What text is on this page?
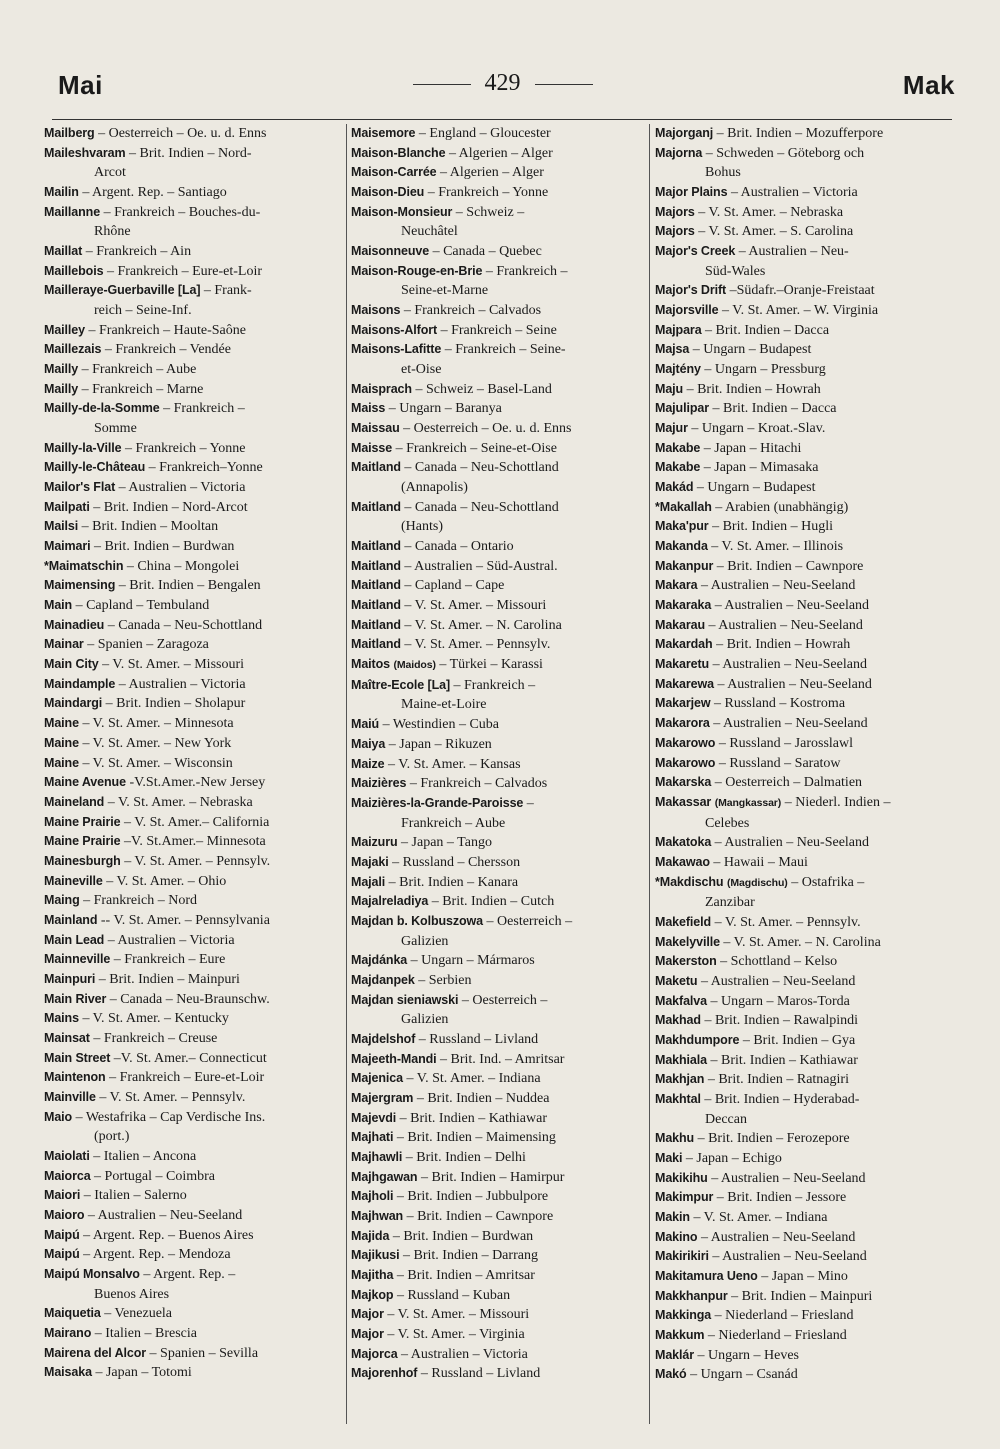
Mai	429	Mak
Mailberg – Oesterreich – Oe. u. d. Enns
Maileshvaram – Brit. Indien – Nord-
Arcot
Mailin – Argent. Rep. – Santiago
Maillanne – Frankreich – Bouches-du-
Rhône
Maillat – Frankreich – Ain
Maillebois – Frankreich – Eure-et-Loir
Mailleraye-Guerbaville [La] – Frank-
reich – Seine-Inf.
Mailley – Frankreich – Haute-Saône
Maillezais – Frankreich – Vendée
Mailly – Frankreich – Aube
Mailly – Frankreich – Marne
Mailly-de-la-Somme – Frankreich –
Somme
Mailly-la-Ville – Frankreich – Yonne
Mailly-le-Château – Frankreich–Yonne
Mailor's Flat – Australien – Victoria
Mailpati – Brit. Indien – Nord-Arcot
Mailsi – Brit. Indien – Mooltan
Maimari – Brit. Indien – Burdwan
*Maimatschin – China – Mongolei
Maimensing – Brit. Indien – Bengalen
Main – Capland – Tembuland
Mainadieu – Canada – Neu-Schottland
Mainar – Spanien – Zaragoza
Main City – V. St. Amer. – Missouri
Maindample – Australien – Victoria
Maindargi – Brit. Indien – Sholapur
Maine – V. St. Amer. – Minnesota
Maine – V. St. Amer. – New York
Maine – V. St. Amer. – Wisconsin
Maine Avenue -V.St.Amer.-New Jersey
Maineland – V. St. Amer. – Nebraska
Maine Prairie – V. St. Amer.– California
Maine Prairie –V. St.Amer.– Minnesota
Mainesburgh – V. St. Amer. – Pennsylv.
Maineville – V. St. Amer. – Ohio
Maing – Frankreich – Nord
Mainland -- V. St. Amer. – Pennsylvania
Main Lead – Australien – Victoria
Mainneville – Frankreich – Eure
Mainpuri – Brit. Indien – Mainpuri
Main River – Canada – Neu-Braunschw.
Mains – V. St. Amer. – Kentucky
Mainsat – Frankreich – Creuse
Main Street –V. St. Amer.– Connecticut
Maintenon – Frankreich – Eure-et-Loir
Mainville – V. St. Amer. – Pennsylv.
Maio – Westafrika – Cap Verdische Ins.
(port.)
Maiolati – Italien – Ancona
Maiorca – Portugal – Coimbra
Maiori – Italien – Salerno
Maioro – Australien – Neu-Seeland
Maipú – Argent. Rep. – Buenos Aires
Maipú – Argent. Rep. – Mendoza
Maipú Monsalvo – Argent. Rep. –
Buenos Aires
Maiquetia – Venezuela
Mairano – Italien – Brescia
Mairena del Alcor – Spanien – Sevilla
Maisaka – Japan – Totomi
Maisemore – England – Gloucester
Maison-Blanche – Algerien – Alger
Maison-Carrée – Algerien – Alger
Maison-Dieu – Frankreich – Yonne
Maison-Monsieur – Schweiz –
Neuchâtel
Maisonneuve – Canada – Quebec
Maison-Rouge-en-Brie – Frankreich –
Seine-et-Marne
Maisons – Frankreich – Calvados
Maisons-Alfort – Frankreich – Seine
Maisons-Lafitte – Frankreich – Seine-
et-Oise
Maisprach – Schweiz – Basel-Land
Maiss – Ungarn – Baranya
Maissau – Oesterreich – Oe. u. d. Enns
Maisse – Frankreich – Seine-et-Oise
Maitland – Canada – Neu-Schottland
(Annapolis)
Maitland – Canada – Neu-Schottland
(Hants)
Maitland – Canada – Ontario
Maitland – Australien – Süd-Austral.
Maitland – Capland – Cape
Maitland – V. St. Amer. – Missouri
Maitland – V. St. Amer. – N. Carolina
Maitland – V. St. Amer. – Pennsylv.
Maitos (Maidos) – Türkei – Karassi
Maître-Ecole [La] – Frankreich –
Maine-et-Loire
Maiú – Westindien – Cuba
Maiya – Japan – Rikuzen
Maize – V. St. Amer. – Kansas
Maizières – Frankreich – Calvados
Maizières-la-Grande-Paroisse –
Frankreich – Aube
Maizuru – Japan – Tango
Majaki – Russland – Chersson
Majali – Brit. Indien – Kanara
Majalreladiya – Brit. Indien – Cutch
Majdan b. Kolbuszowa – Oesterreich –
Galizien
Majdánka – Ungarn – Mármaros
Majdanpek – Serbien
Majdan sieniawski – Oesterreich –
Galizien
Majdelshof – Russland – Livland
Majeeth-Mandi – Brit. Ind. – Amritsar
Majenica – V. St. Amer. – Indiana
Majergram – Brit. Indien – Nuddea
Majevdi – Brit. Indien – Kathiawar
Majhati – Brit. Indien – Maimensing
Majhawli – Brit. Indien – Delhi
Majhgawan – Brit. Indien – Hamirpur
Majholi – Brit. Indien – Jubbulpore
Majhwan – Brit. Indien – Cawnpore
Majida – Brit. Indien – Burdwan
Majikusi – Brit. Indien – Darrang
Majitha – Brit. Indien – Amritsar
Majkop – Russland – Kuban
Major – V. St. Amer. – Missouri
Major – V. St. Amer. – Virginia
Majorca – Australien – Victoria
Majorenhof – Russland – Livland
Majorganj – Brit. Indien – Mozufferpore
Majorna – Schweden – Göteborg och
Bohus
Major Plains – Australien – Victoria
Majors – V. St. Amer. – Nebraska
Majors – V. St. Amer. – S. Carolina
Major's Creek – Australien – Neu-
Süd-Wales
Major's Drift –Südafr.–Oranje-Freistaat
Majorsville – V. St. Amer. – W. Virginia
Majpara – Brit. Indien – Dacca
Majsa – Ungarn – Budapest
Majtény – Ungarn – Pressburg
Maju – Brit. Indien – Howrah
Majulipar – Brit. Indien – Dacca
Majur – Ungarn – Kroat.-Slav.
Makabe – Japan – Hitachi
Makabe – Japan – Mimasaka
Makád – Ungarn – Budapest
*Makallah – Arabien (unabhängig)
Maka'pur – Brit. Indien – Hugli
Makanda – V. St. Amer. – Illinois
Makanpur – Brit. Indien – Cawnpore
Makara – Australien – Neu-Seeland
Makaraka – Australien – Neu-Seeland
Makarau – Australien – Neu-Seeland
Makardah – Brit. Indien – Howrah
Makaretu – Australien – Neu-Seeland
Makarewa – Australien – Neu-Seeland
Makarjew – Russland – Kostroma
Makarora – Australien – Neu-Seeland
Makarowo – Russland – Jarosslawl
Makarowo – Russland – Saratow
Makarska – Oesterreich – Dalmatien
Makassar (Mangkassar) – Niederl. Indien –
Celebes
Makatoka – Australien – Neu-Seeland
Makawao – Hawaii – Maui
*Makdischu (Magdischu) – Ostafrika –
Zanzibar
Makefield – V. St. Amer. – Pennsylv.
Makelyville – V. St. Amer. – N. Carolina
Makerston – Schottland – Kelso
Maketu – Australien – Neu-Seeland
Makfalva – Ungarn – Maros-Torda
Makhad – Brit. Indien – Rawalpindi
Makhdumpore – Brit. Indien – Gya
Makhiala – Brit. Indien – Kathiawar
Makhjan – Brit. Indien – Ratnagiri
Makhtal – Brit. Indien – Hyderabad-
Deccan
Makhu – Brit. Indien – Ferozepore
Maki – Japan – Echigo
Makikihu – Australien – Neu-Seeland
Makimpur – Brit. Indien – Jessore
Makin – V. St. Amer. – Indiana
Makino – Australien – Neu-Seeland
Makirikiri – Australien – Neu-Seeland
Makitamura Ueno – Japan – Mino
Makkhanpur – Brit. Indien – Mainpuri
Makkinga – Niederland – Friesland
Makkum – Niederland – Friesland
Maklár – Ungarn – Heves
Makó – Ungarn – Csanád
